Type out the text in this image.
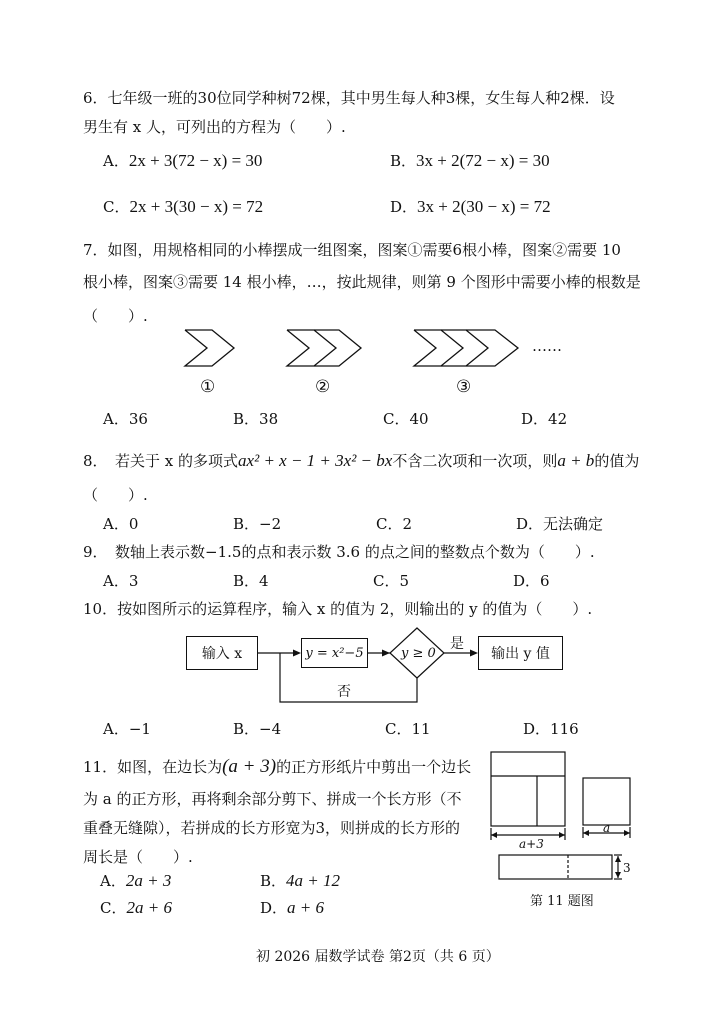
6．七年级一班的30位同学种树72棵，其中男生每人种3棵，女生每人种2棵．设
男生有 x 人，可列出的方程为（　　）.
A．2x + 3(72 − x) = 30	B．3x + 2(72 − x) = 30
C．2x + 3(30 − x) = 72	D．3x + 2(30 − x) = 72
7．如图，用规格相同的小棒摆成一组图案，图案①需要6根小棒，图案②需要 10
根小棒，图案③需要 14 根小棒，…，按此规律，则第 9 个图形中需要小棒的根数是
（　　）.
……
①	②	③
A．36	B．38	C．40	D．42
8．　若关于 x 的多项式ax² + x − 1 + 3x² − bx不含二次项和一次项，则a + b的值为
（　　）.
A．0	B．−2	C．2	D．无法确定
9．　数轴上表示数−1.5的点和表示数 3.6 的点之间的整数点个数为（　　）.
A．3	B．4	C．5	D．6
10．按如图所示的运算程序，输入 x 的值为 2，则输出的 y 的值为（　　）.
输入 x	y = x²−5	y ≥ 0
是
输出 y 值
否
A．−1	B．−4	C．11	D．116
11．如图，在边长为(a + 3)的正方形纸片中剪出一个边长
为 a 的正方形，再将剩余部分剪下、拼成一个长方形（不
重叠无缝隙），若拼成的长方形宽为3，则拼成的长方形的
周长是（　　）.
A．2a + 3	B．4a + 12
C．2a + 6	D．a + 6
a+3
a
3
第 11 题图
初 2026 届数学试卷 第2页（共 6 页）
